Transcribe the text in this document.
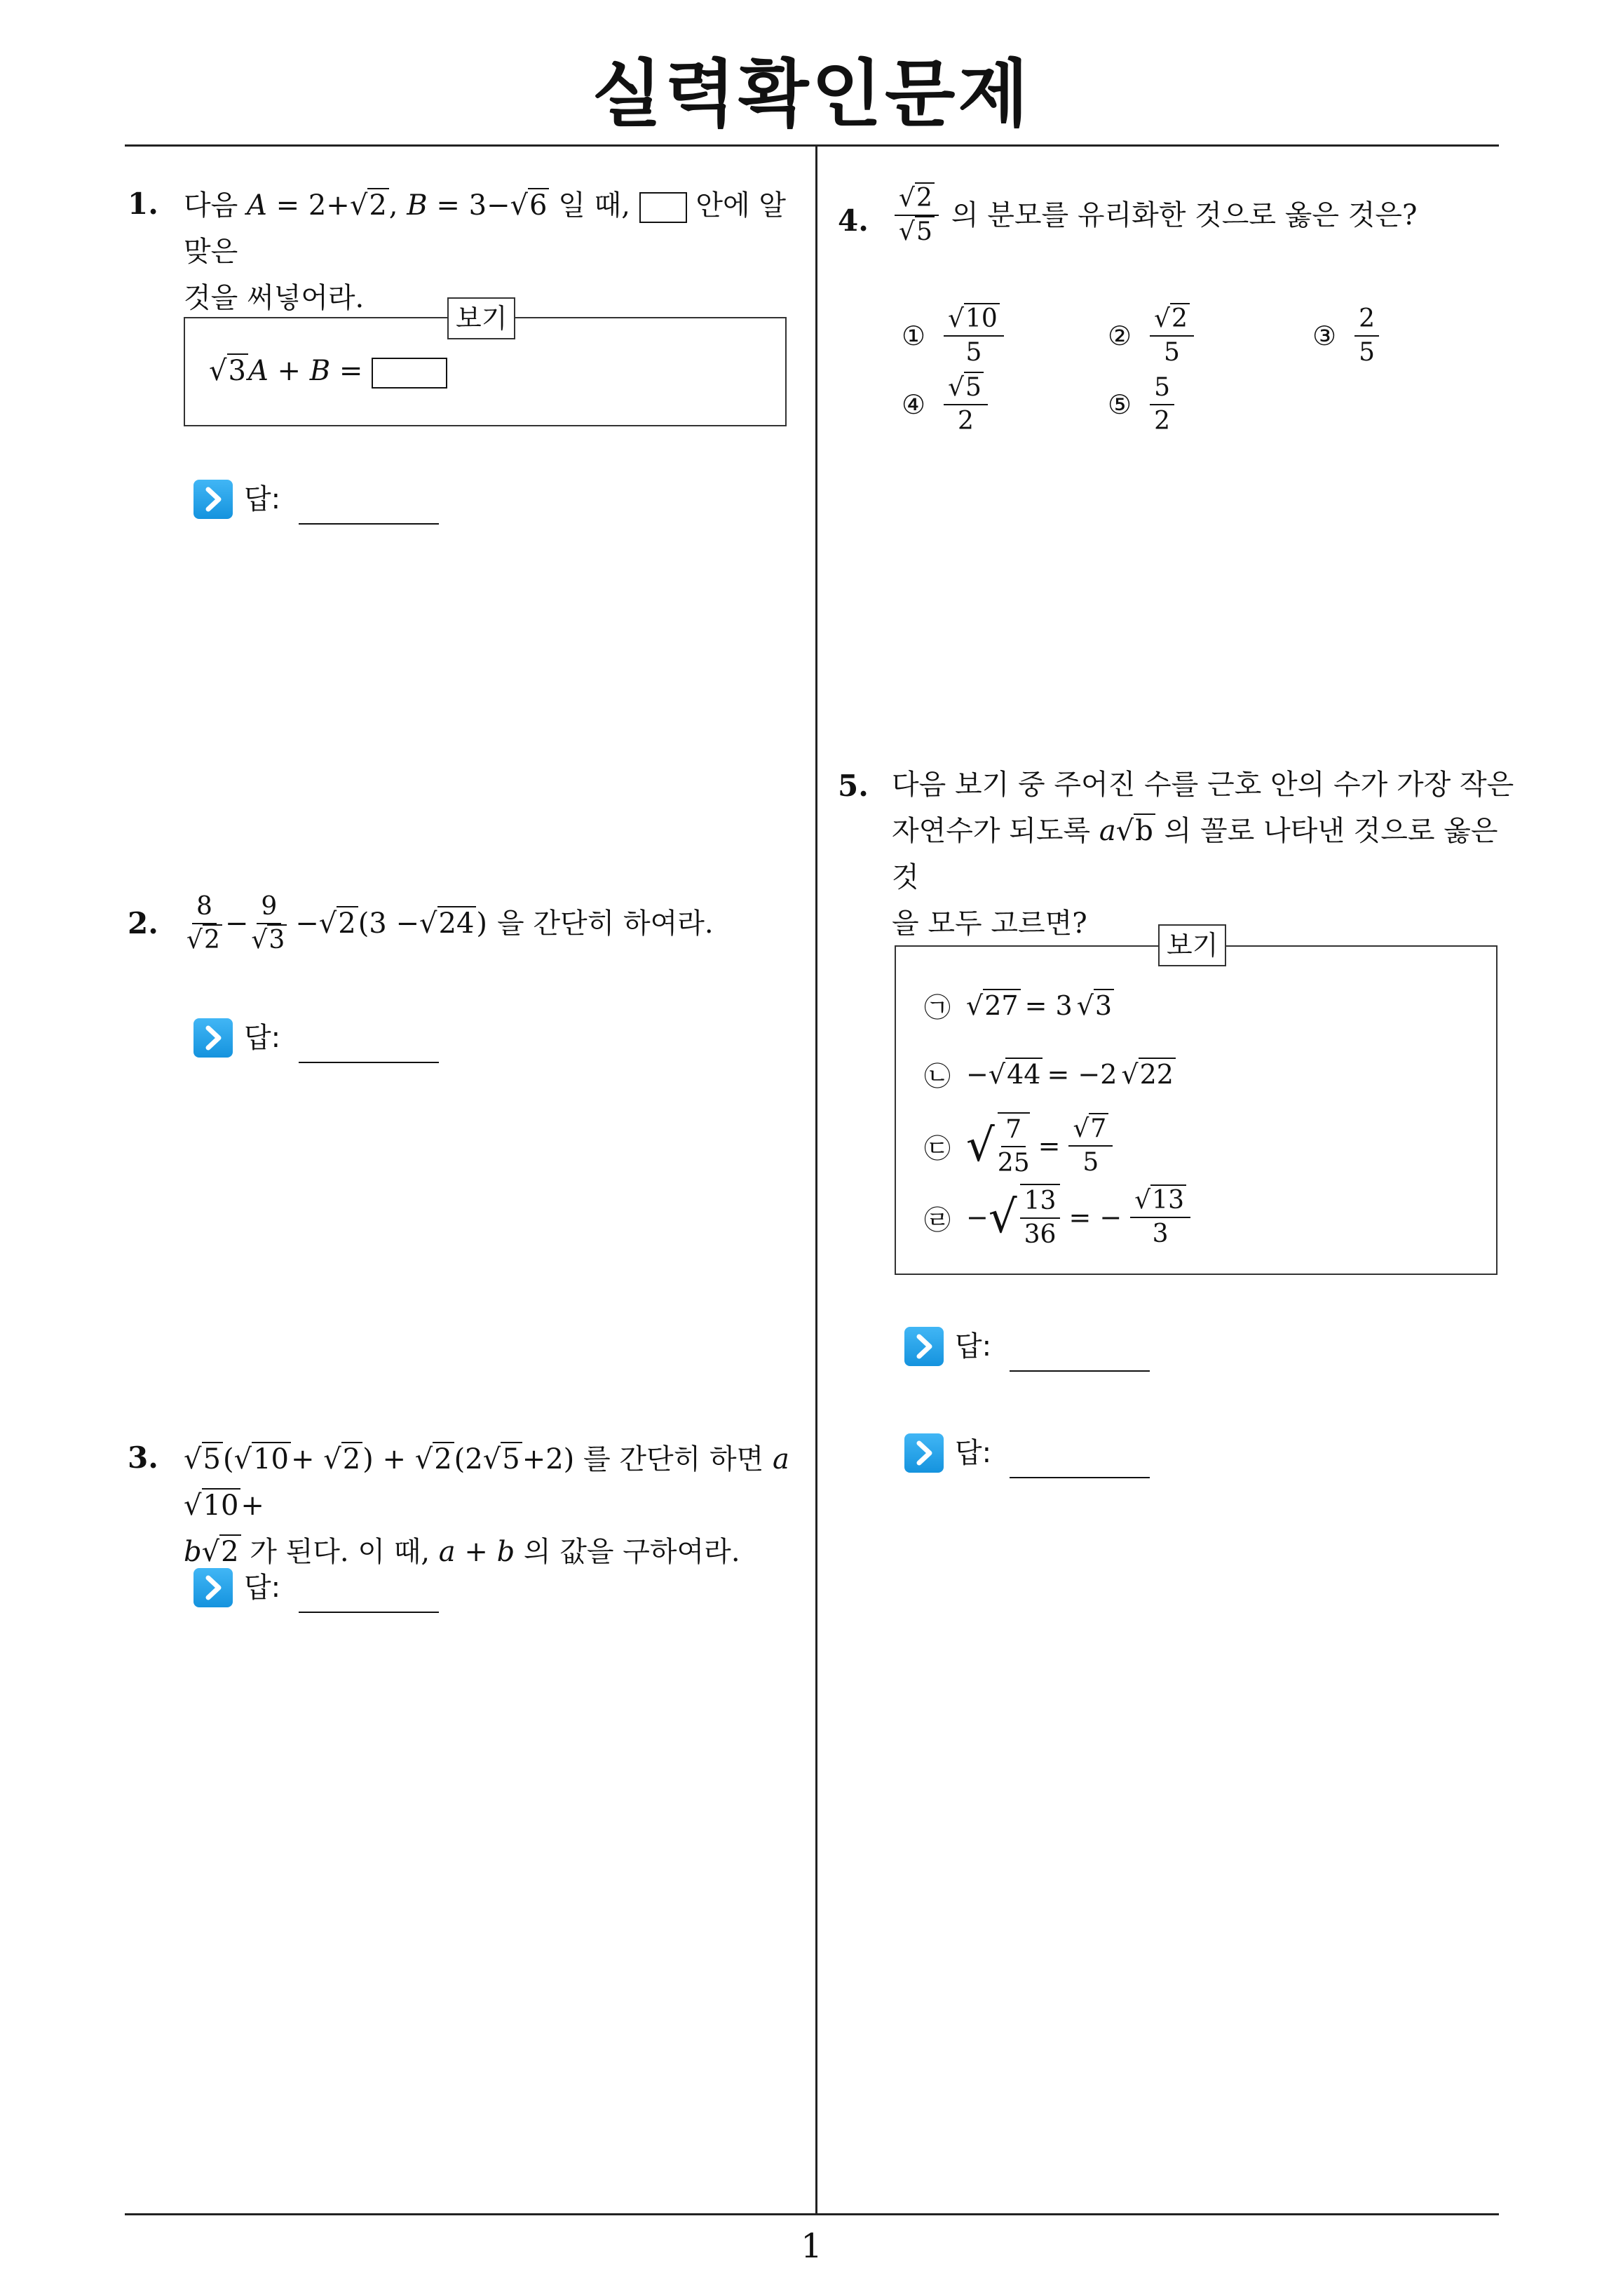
실력확인문제
1. 다음 A = 2+√2, B = 3−√6 일 때, 안에 알맞은
것을 써넣어라.
√3A + B =
보기
답:
2. $\frac{8}{√2} - \frac{9}{√3} - √2$ (3 − √24 ) 을 간단히 하여라.
답:
3. √5(√10+ √2) + √2(2√5+2) 를 간단히 하면 a√10+
b√2 가 된다. 이 때, a + b 의 값을 구하여라.
답:
4. $\frac{√2}{√5}$ 의 분모를 유리화한 것으로 옳은 것은?
① $\frac{√10}{5}$	② $\frac{√2}{5}$	③ $\frac{2}{5}$
④ $\frac{√5}{2}$	⑤ $\frac{5}{2}$
5. 다음 보기 중 주어진 수를 근호 안의 수가 가장 작은
자연수가 되도록 a√b 의 꼴로 나타낸 것으로 옳은 것
을 모두 고르면?
㉠ √27 = 3 √3
㉡ − √44 = −2 √22
㉢ √ $\frac{7}{25} = \frac{√7}{5}$
㉣ − √ $\frac{13}{36}$ = − $\frac{√13}{3}$
보기
답:
답:
1
